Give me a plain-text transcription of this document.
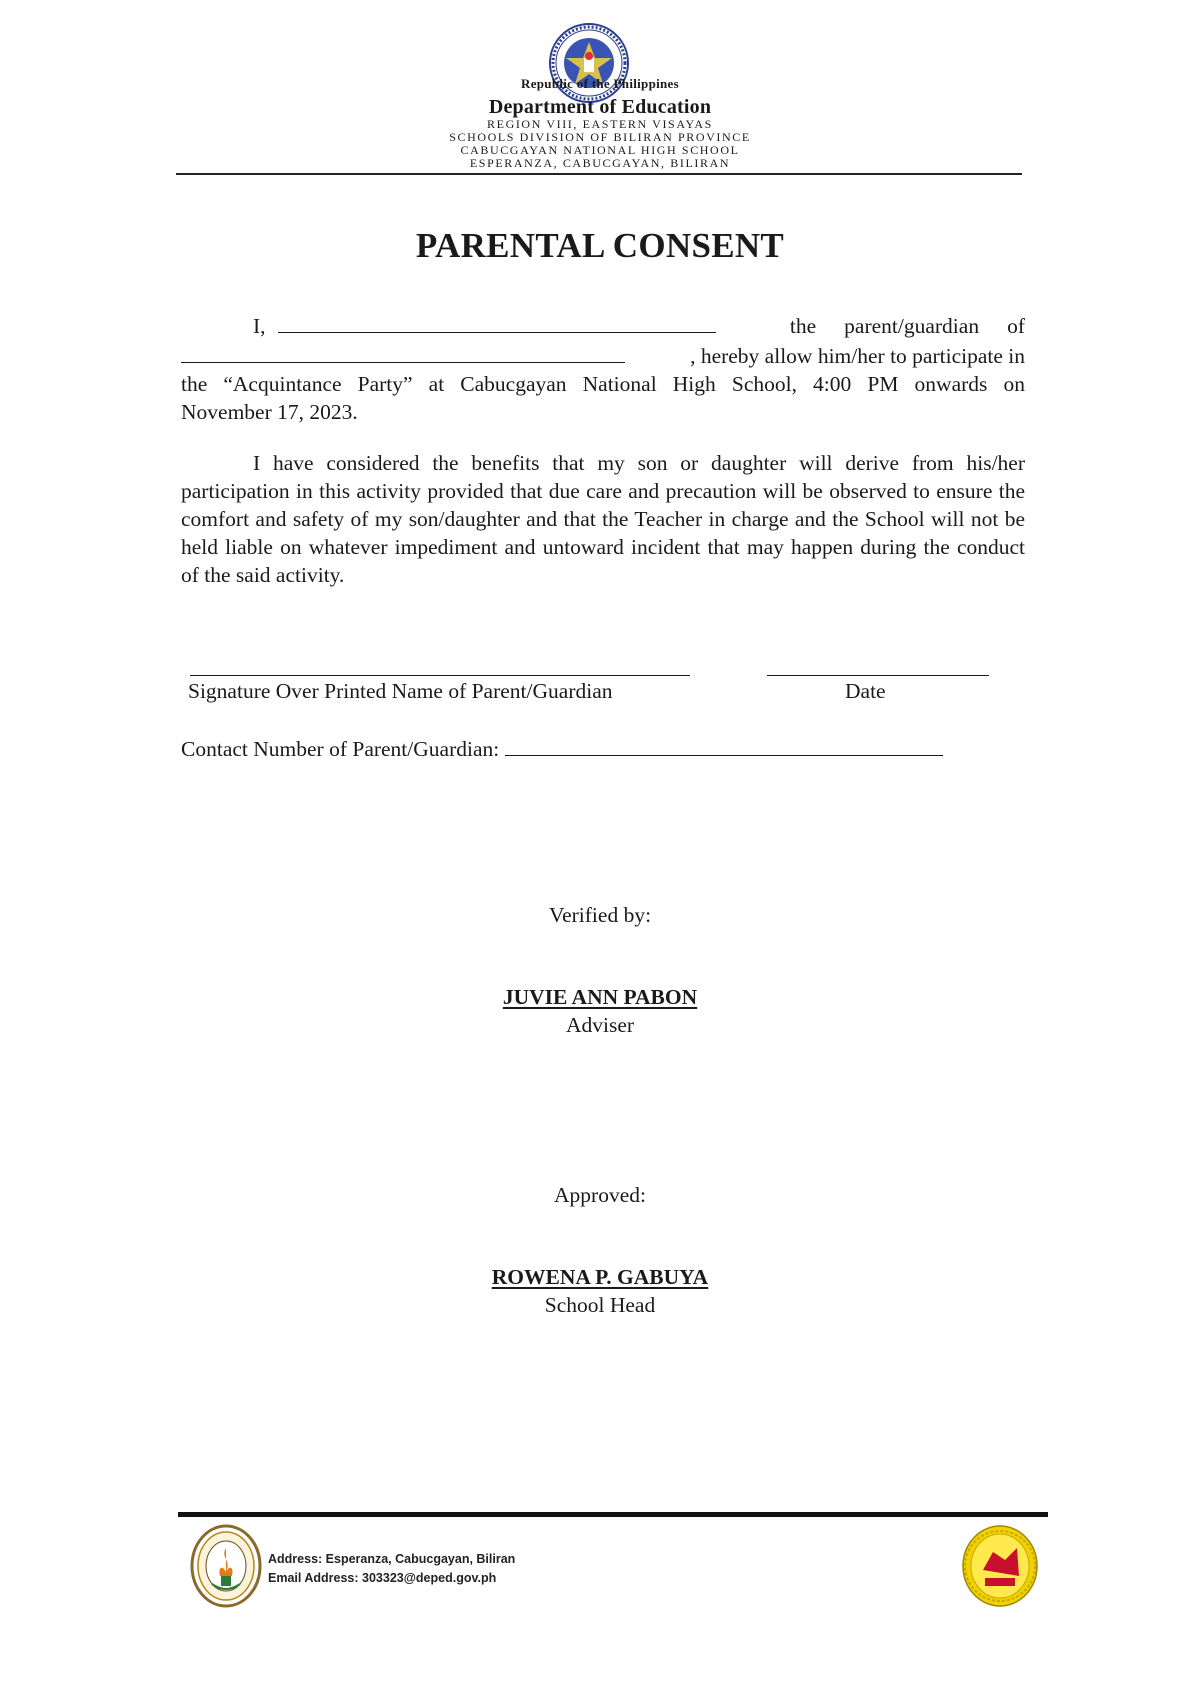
Republic of the Philippines
Department of Education
REGION VIII, EASTERN VISAYAS
SCHOOLS DIVISION OF BILIRAN PROVINCE
CABUCGAYAN NATIONAL HIGH SCHOOL
ESPERANZA, CABUCGAYAN, BILIRAN
PARENTAL CONSENT
I,	the parent/guardian of
, hereby allow him/her to participate in
the “Acquintance Party” at Cabucgayan National High School, 4:00 PM onwards on
November 17, 2023.
I have considered the benefits that my son or daughter will derive from his/her participation in this activity provided that due care and precaution will be observed to ensure the comfort and safety of my son/daughter and that the Teacher in charge and the School will not be held liable on whatever impediment and untoward incident that may happen during the conduct of the said activity.
Signature Over Printed Name of Parent/Guardian	Date
Contact Number of Parent/Guardian:
Verified by:
JUVIE ANN PABON
Adviser
Approved:
ROWENA P. GABUYA
School Head
Address: Esperanza, Cabucgayan, Biliran
Email Address: 303323@deped.gov.ph
